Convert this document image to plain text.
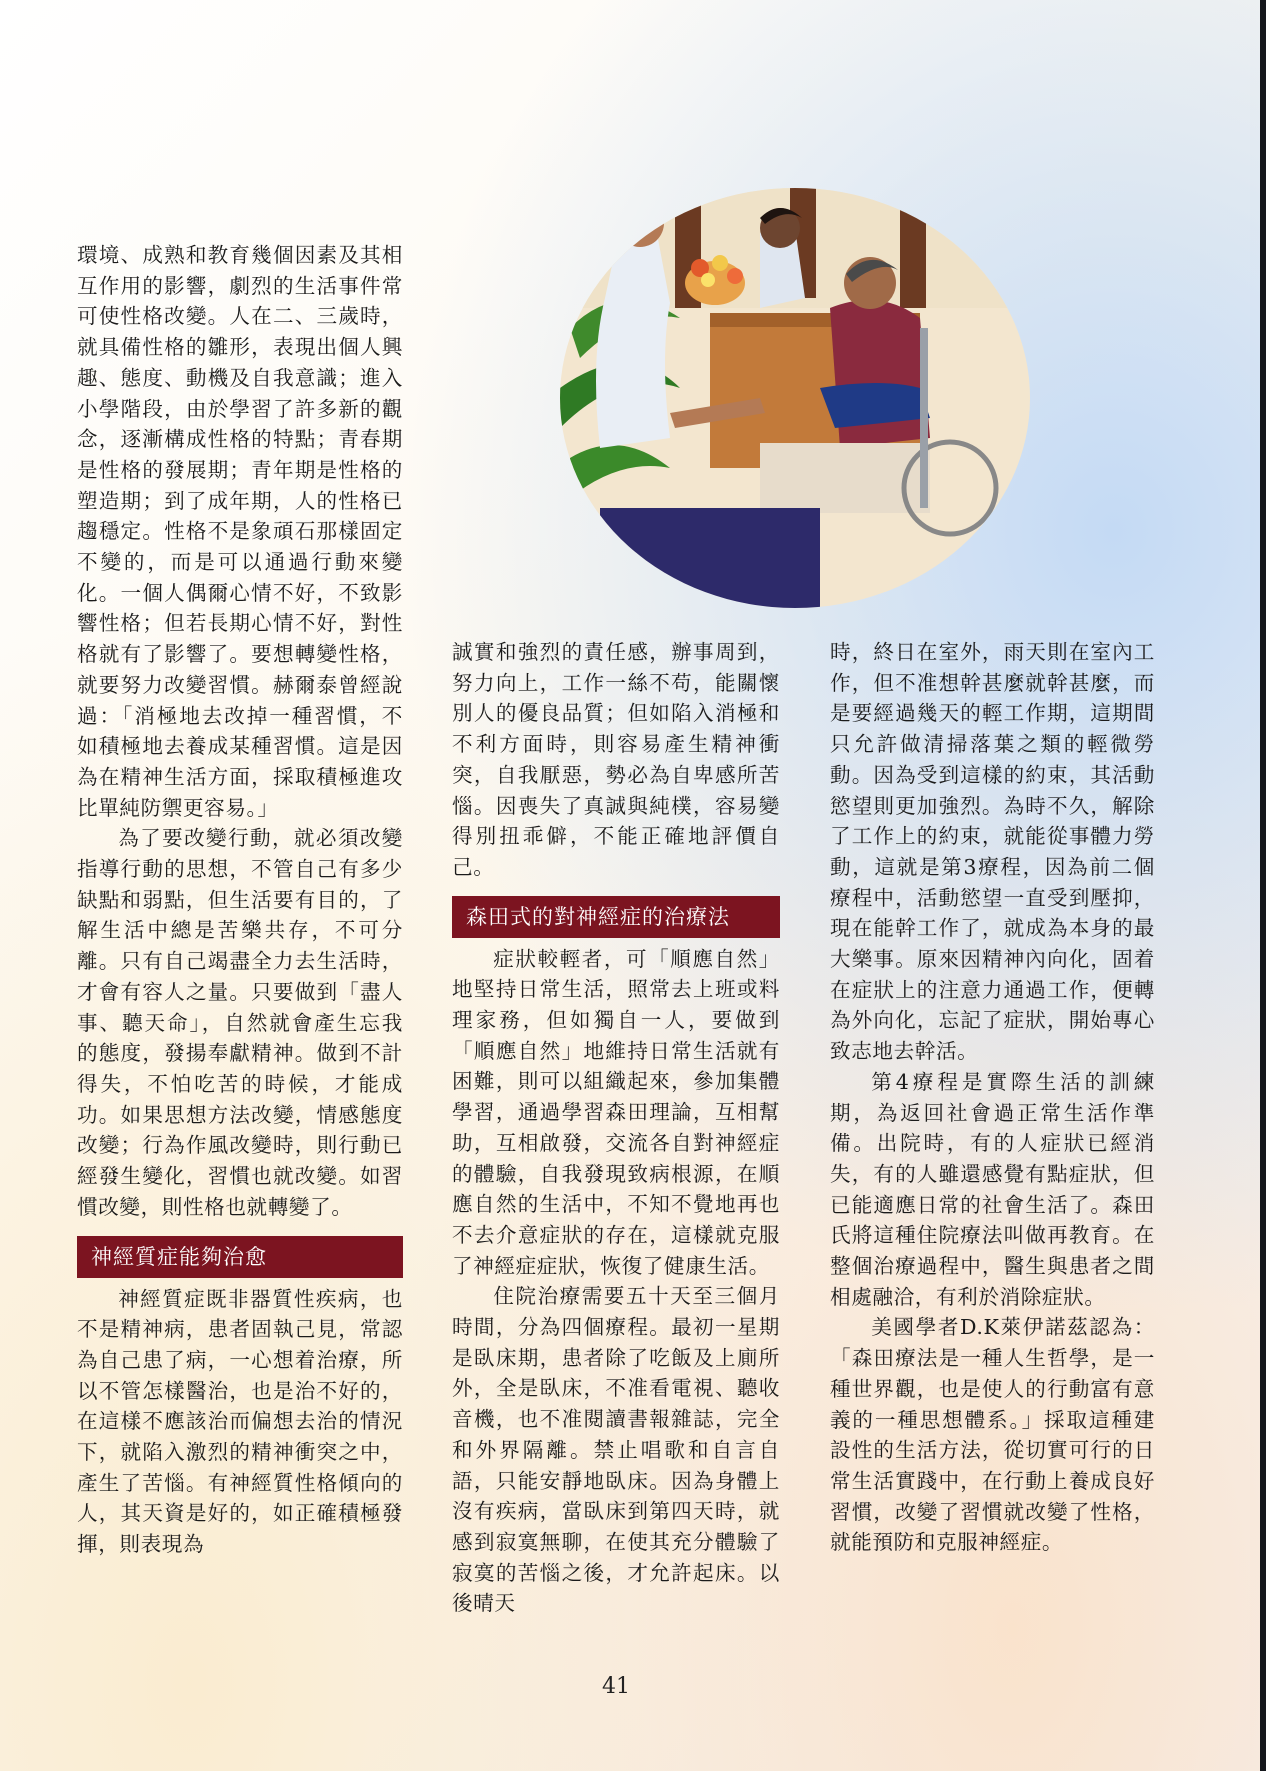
環境、成熟和教育幾個因素及其相互作用的影響，劇烈的生活事件常可使性格改變。人在二、三歲時，就具備性格的雛形，表現出個人興趣、態度、動機及自我意識；進入小學階段，由於學習了許多新的觀念，逐漸構成性格的特點；青春期是性格的發展期；青年期是性格的塑造期；到了成年期，人的性格已趨穩定。性格不是象頑石那樣固定不變的，而是可以通過行動來變化。一個人偶爾心情不好，不致影響性格；但若長期心情不好，對性格就有了影響了。要想轉變性格，就要努力改變習慣。赫爾泰曾經說過：「消極地去改掉一種習慣，不如積極地去養成某種習慣。這是因為在精神生活方面，採取積極進攻比單純防禦更容易。」

為了要改變行動，就必須改變指導行動的思想，不管自己有多少缺點和弱點，但生活要有目的，了解生活中總是苦樂共存，不可分離。只有自己竭盡全力去生活時，才會有容人之量。只要做到「盡人事、聽天命」，自然就會產生忘我的態度，發揚奉獻精神。做到不計得失，不怕吃苦的時候，才能成功。如果思想方法改變，情感態度改變；行為作風改變時，則行動已經發生變化，習慣也就改變。如習慣改變，則性格也就轉變了。

神經質症能夠治愈

神經質症既非器質性疾病，也不是精神病，患者固執己見，常認為自己患了病，一心想着治療，所以不管怎樣醫治，也是治不好的，在這樣不應該治而偏想去治的情況下，就陷入激烈的精神衝突之中，產生了苦惱。有神經質性格傾向的人，其天資是好的，如正確積極發揮，則表現為

誠實和強烈的責任感，辦事周到，努力向上，工作一絲不苟，能關懷別人的優良品質；但如陷入消極和不利方面時，則容易產生精神衝突，自我厭惡，勢必為自卑感所苦惱。因喪失了真誠與純樸，容易變得別扭乖僻，不能正確地評價自己。

森田式的對神經症的治療法

症狀較輕者，可「順應自然」地堅持日常生活，照常去上班或料理家務，但如獨自一人，要做到「順應自然」地維持日常生活就有困難，則可以組織起來，參加集體學習，通過學習森田理論，互相幫助，互相啟發，交流各自對神經症的體驗，自我發現致病根源，在順應自然的生活中，不知不覺地再也不去介意症狀的存在，這樣就克服了神經症症狀，恢復了健康生活。

住院治療需要五十天至三個月時間，分為四個療程。最初一星期是臥床期，患者除了吃飯及上廁所外，全是臥床，不准看電視、聽收音機，也不准閱讀書報雜誌，完全和外界隔離。禁止唱歌和自言自語，只能安靜地臥床。因為身體上沒有疾病，當臥床到第四天時，就感到寂寞無聊，在使其充分體驗了寂寞的苦惱之後，才允許起床。以後晴天

時，終日在室外，雨天則在室內工作，但不准想幹甚麼就幹甚麼，而是要經過幾天的輕工作期，這期間只允許做清掃落葉之類的輕微勞動。因為受到這樣的約束，其活動慾望則更加強烈。為時不久，解除了工作上的約束，就能從事體力勞動，這就是第3療程，因為前二個療程中，活動慾望一直受到壓抑，現在能幹工作了，就成為本身的最大樂事。原來因精神內向化，固着在症狀上的注意力通過工作，便轉為外向化，忘記了症狀，開始專心致志地去幹活。

第4療程是實際生活的訓練期，為返回社會過正常生活作準備。出院時，有的人症狀已經消失，有的人雖還感覺有點症狀，但已能適應日常的社會生活了。森田氏將這種住院療法叫做再教育。在整個治療過程中，醫生與患者之間相處融洽，有利於消除症狀。

美國學者D.K萊伊諾茲認為：「森田療法是一種人生哲學，是一種世界觀，也是使人的行動富有意義的一種思想體系。」採取這種建設性的生活方法，從切實可行的日常生活實踐中，在行動上養成良好習慣，改變了習慣就改變了性格，就能預防和克服神經症。

41
